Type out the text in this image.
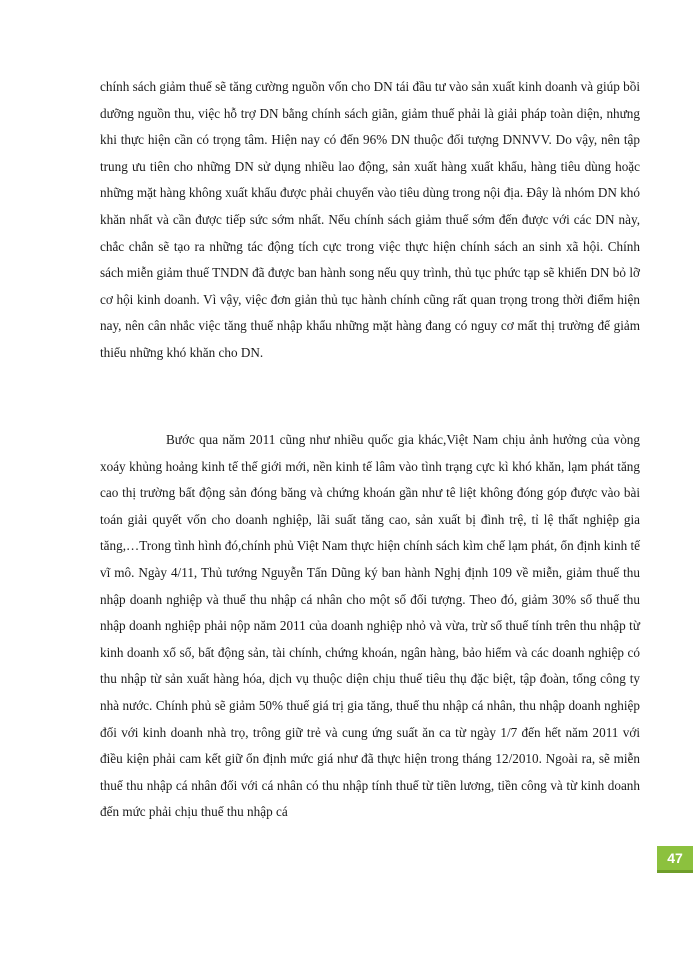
chính sách giảm thuế sẽ tăng cường nguồn vốn cho DN tái đầu tư vào sản xuất kinh doanh và giúp bồi dưỡng nguồn thu, việc hỗ trợ DN bằng chính sách giãn, giảm thuế phải là giải pháp toàn diện, nhưng khi thực hiện cần có trọng tâm. Hiện nay có đến 96% DN thuộc đối tượng DNNVV. Do vậy, nên tập trung ưu tiên cho những DN sử dụng nhiều lao động, sản xuất hàng xuất khẩu, hàng tiêu dùng hoặc những mặt hàng không xuất khẩu được phải chuyển vào tiêu dùng trong nội địa. Đây là nhóm DN khó khăn nhất và cần được tiếp sức sớm nhất. Nếu chính sách giảm thuế sớm đến được với các DN này, chắc chắn sẽ tạo ra những tác động tích cực trong việc thực hiện chính sách an sinh xã hội. Chính sách miễn giảm thuế TNDN đã được ban hành song nếu quy trình, thủ tục phức tạp sẽ khiến DN bỏ lỡ cơ hội kinh doanh. Vì vậy, việc đơn giản thủ tục hành chính cũng rất quan trọng trong thời điểm hiện nay, nên cân nhắc việc tăng thuế nhập khẩu những mặt hàng đang có nguy cơ mất thị trường để giảm thiểu những khó khăn cho DN.

Bước qua năm 2011 cũng như nhiều quốc gia khác,Việt Nam chịu ảnh hưởng của vòng xoáy khủng hoảng kinh tế thế giới mới, nền kinh tế lâm vào tình trạng cực kì khó khăn, lạm phát tăng cao thị trường bất động sản đóng băng và chứng khoán gần như tê liệt không đóng góp được vào bài toán giải quyết vốn cho doanh nghiệp, lãi suất tăng cao, sản xuất bị đình trệ, tỉ lệ thất nghiệp gia tăng,…Trong tình hình đó,chính phủ Việt Nam thực hiện chính sách kìm chế lạm phát, ổn định kinh tế vĩ mô. Ngày 4/11, Thủ tướng Nguyễn Tấn Dũng ký ban hành Nghị định 109 về miễn, giảm thuế thu nhập doanh nghiệp và thuế thu nhập cá nhân cho một số đối tượng. Theo đó, giảm 30% số thuế thu nhập doanh nghiệp phải nộp năm 2011 của doanh nghiệp nhỏ và vừa, trừ số thuế tính trên thu nhập từ kinh doanh xổ số, bất động sản, tài chính, chứng khoán, ngân hàng, bảo hiểm và các doanh nghiệp có thu nhập từ sản xuất hàng hóa, dịch vụ thuộc diện chịu thuế tiêu thụ đặc biệt, tập đoàn, tổng công ty nhà nước. Chính phủ sẽ giảm 50% thuế giá trị gia tăng, thuế thu nhập cá nhân, thu nhập doanh nghiệp đối với kinh doanh nhà trọ, trông giữ trẻ và cung ứng suất ăn ca từ ngày 1/7 đến hết năm 2011 với điều kiện phải cam kết giữ ổn định mức giá như đã thực hiện trong tháng 12/2010. Ngoài ra, sẽ miễn thuế thu nhập cá nhân đối với cá nhân có thu nhập tính thuế từ tiền lương, tiền công và từ kinh doanh đến mức phải chịu thuế thu nhập cá

47
